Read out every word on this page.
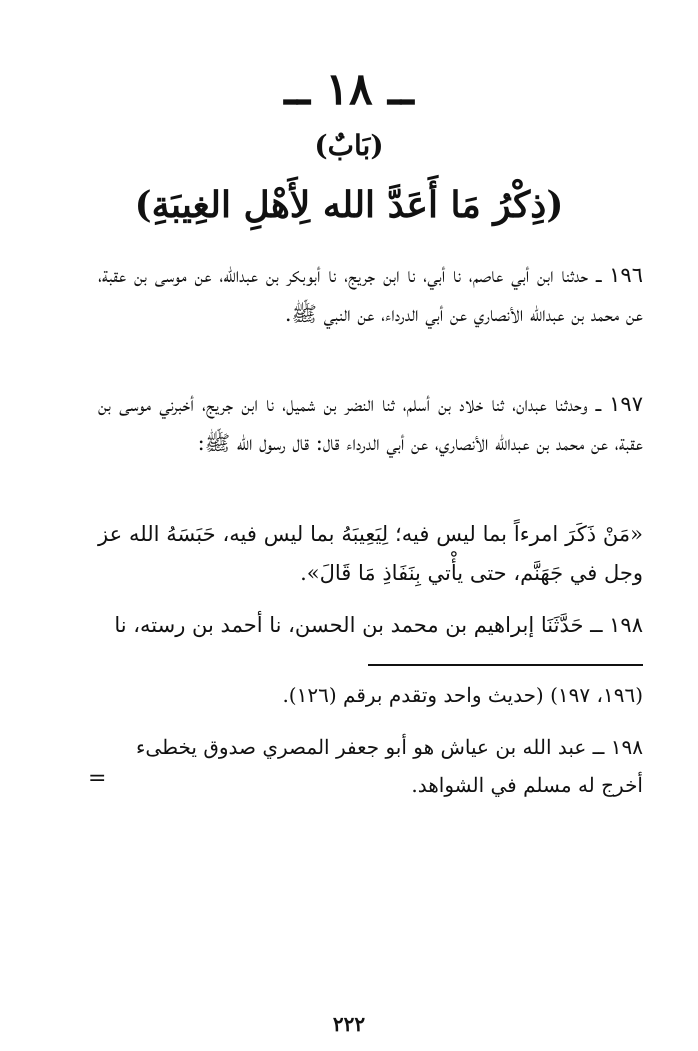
ــ ١٨ ــ
(بَابٌ)
(ذِكْرُ مَا أَعَدَّ الله لِأَهْلِ الغِيبَةِ)

١٩٦ ــ حدثنا ابن أبي عاصم، نا أبي، نا ابن جريج، نا أبوبكر بن عبدالله، عن موسى بن عقبة، عن محمد بن عبدالله الأنصاري عن أبي الدرداء، عن النبي ﷺ.

١٩٧ ــ وحدثنا عبدان، ثنا خلاد بن أسلم، ثنا النضر بن شميل، نا ابن جريج، أخبرني موسى بن عقبة، عن محمد بن عبدالله الأنصاري، عن أبي الدرداء قال: قال رسول الله ﷺ:

«مَنْ ذَكَرَ امرءاً بما ليس فيه؛ لِيَعِيبَهُ بما ليس فيه، حَبَسَهُ الله عز وجل في جَهَنَّم، حتى يأْتي بِنَفَاذِ مَا قَالَ».

١٩٨ ــ حَدَّثَنَا إبراهيم بن محمد بن الحسن، نا أحمد بن رسته، نا

(١٩٦، ١٩٧) (حديث واحد وتقدم برقم (١٢٦).

١٩٨ ــ عبد الله بن عياش هو أبو جعفر المصري صدوق يخطىء أخرج له مسلم في الشواهد.

=
٢٢٢
